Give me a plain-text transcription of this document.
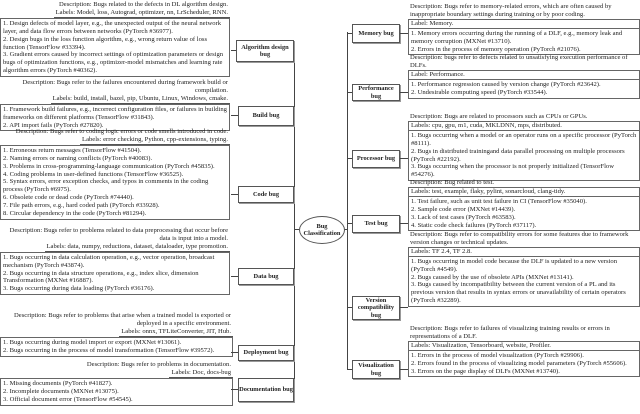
Bug Classification
Description: Bugs related to the defects in DL algorithm design.
Labels: Model, loss, Autograd, optimizer, nn, LrScheduler, RNN.
1. Design defects of model layer, e.g., the unexpected output of the neural network layer, and data flow errors between networks (PyTorch #36977).
2. Design bugs in the loss function algorithm, e.g., wrong return value of loss function (TensorFlow #33394).
3. Gradient errors caused by incorrect settings of optimization parameters or design bugs of optimization functions, e.g., optimizer-model mismatches and learning rate algorithm errors (PyTorch #40362).
Algorithm design bug
Description: Bugs refer to the failures encountered during framework build or compilation.
Labels: build, install, bazel, pip, Ubuntu, Linux, Windows, cmake.
1. Framework build failures, e.g., incorrect configuration files, or failures in building frameworks on different platforms (TensorFlow #31843).
2. API import fails (PyTorch #27820).
Build bug
Description: Bugs refer to coding logic errors or code smells introduced in code.
Labels: error checking, Python, cpp-extensions, typing.
1. Erroneous return messages (TensorFlow #41504).
2. Naming errors or naming conflicts (PyTorch #40083).
3. Problems in cross-programming-language communication (PyTorch #45835).
4. Coding problems in user-defined functions (TensorFlow #36525).
5. Syntax errors, error exception checks, and typos in comments in the coding process (PyTorch #6975).
6. Obsolete code or dead code (PyTorch #74440).
7. File path errors, e.g., hard coded path (PyTorch #33928).
8. Circular dependency in the code (PyTorch #81294).
Code bug
Description: Bugs refer to problems related to data preprocessing that occur before data is input into a model.
Labels: data, numpy, reductions, dataset, dataloader, type promotion.
1. Bugs occurring in data calculation operation, e.g., vector operation, broadcast mechanism (PyTorch #43874).
2. Bugs occurring in data structure operations, e.g., index slice, dimension Transformation (MXNet #16887).
3. Bugs occurring during data loading (PyTorch #36176).
Data bug
Description: Bugs refer to problems that arise when a trained model is exported or deployed in a specific environment.
Labels: onnx, TFLiteConverter, JIT, Hub.
1. Bugs occurring during model import or export (MXNet #13061).
2. Bugs occurring in the process of model transformation (TensorFlow #39572).	Deployment bug
Description: Bugs refer to problems in documentation.
Labels: Doc, docs-bug
1. Missing documents (PyTorch #41827).
2. Incomplete documents (MXNet #13075).
3. Official document error (TensorFlow #54545).
Documentation bug
Description: Bugs refer to memory-related errors, which are often caused by inappropriate boundary settings during training or by poor coding.
Label: Memory.
1. Memory errors occurring during the running of a DLF, e.g., memory leak and memory corruption (MXNet #13710).
2. Errors in the process of memory operation (PyTorch #21076).
Memory bug
Description: bugs refer to defects related to unsatisfying execution performance of DLFs.
Label: Performance.
1. Performance regression caused by version change (PyTorch #23642).
2. Undesirable computing speed (PyTorch #33544).
Performance bug
Description: Bugs are related to processors such as CPUs or GPUs.
Labels: cpu, gpu, m1, cuda, MKLDNN, mps, distributed.
1. Bugs occurring when a model or an operator runs on a specific processor (PyTorch #8111).
2. Bugs in distributed trainingand data parallel processing on multiple processors (PyTorch #22192).
3. Bugs occurring when the processor is not properly initialized (TensorFlow #54276).
Processor bug
Description: Bug related to test.
Labels: test, example, flaky, pylint, sonarcloud, clang-tidy.
1. Test failure, such as unit test failure in CI (TensorFlow #35040).
2. Sample code error (MXNet #14439).
3. Lack of test cases (PyTorch #63583).
4. Static code check failures (PyTorch #37117).
Test bug
Description: Bugs refer to compatibility errors for some features due to framework version changes or technical updates.
Labels: TF 2.4, TF 2.8.
1. Bugs occurring in model code because the DLF is updated to a new version (PyTorch #4549).
2. Bugs caused by the use of obsolete APIs (MXNet #13141).
3. Bugs caused by incompatibility between the current version of a PL and its previous version that results in syntax errors or unavailability of certain operators (PyTorch #32289).
Version compatibility bug
Description: Bugs refer to failures of visualizing training results or errors in representations of a DLF.
Labels: Visualization, Tensorboard, website, Profiler.
1. Errors in the process of model visualization (PyTorch #29906).
2. Errors found in the process of visualizing model parameters (PyTorch #55606).
3. Errors on the page display of DLFs (MXNet #13740).
Visualization bug
